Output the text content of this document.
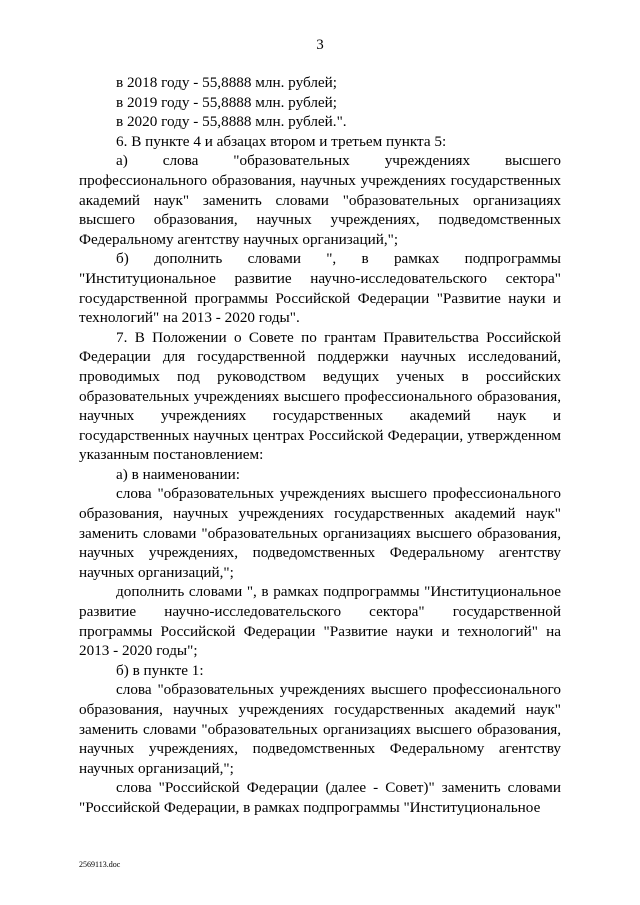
3

в 2018 году - 55,8888 млн. рублей;

в 2019 году - 55,8888 млн. рублей;

в 2020 году - 55,8888 млн. рублей.".

6. В пункте 4 и абзацах втором и третьем пункта 5:

а) слова "образовательных учреждениях высшего профессионального образования, научных учреждениях государственных академий наук" заменить словами "образовательных организациях высшего образования, научных учреждениях, подведомственных Федеральному агентству научных организаций,";

б) дополнить словами ", в рамках подпрограммы "Институциональное развитие научно-исследовательского сектора" государственной программы Российской Федерации "Развитие науки и технологий" на 2013 - 2020 годы".

7. В Положении о Совете по грантам Правительства Российской Федерации для государственной поддержки научных исследований, проводимых под руководством ведущих ученых в российских образовательных учреждениях высшего профессионального образования, научных учреждениях государственных академий наук и государственных научных центрах Российской Федерации, утвержденном указанным постановлением:

а) в наименовании:

слова "образовательных учреждениях высшего профессионального образования, научных учреждениях государственных академий наук" заменить словами "образовательных организациях высшего образования, научных учреждениях, подведомственных Федеральному агентству научных организаций,";

дополнить словами ", в рамках подпрограммы "Институциональное развитие научно-исследовательского сектора" государственной программы Российской Федерации "Развитие науки и технологий" на 2013 - 2020 годы";

б) в пункте 1:

слова "образовательных учреждениях высшего профессионального образования, научных учреждениях государственных академий наук" заменить словами "образовательных организациях высшего образования, научных учреждениях, подведомственных Федеральному агентству научных организаций,";

слова "Российской Федерации (далее - Совет)" заменить словами "Российской Федерации, в рамках подпрограммы "Институциональное

2569113.doc
